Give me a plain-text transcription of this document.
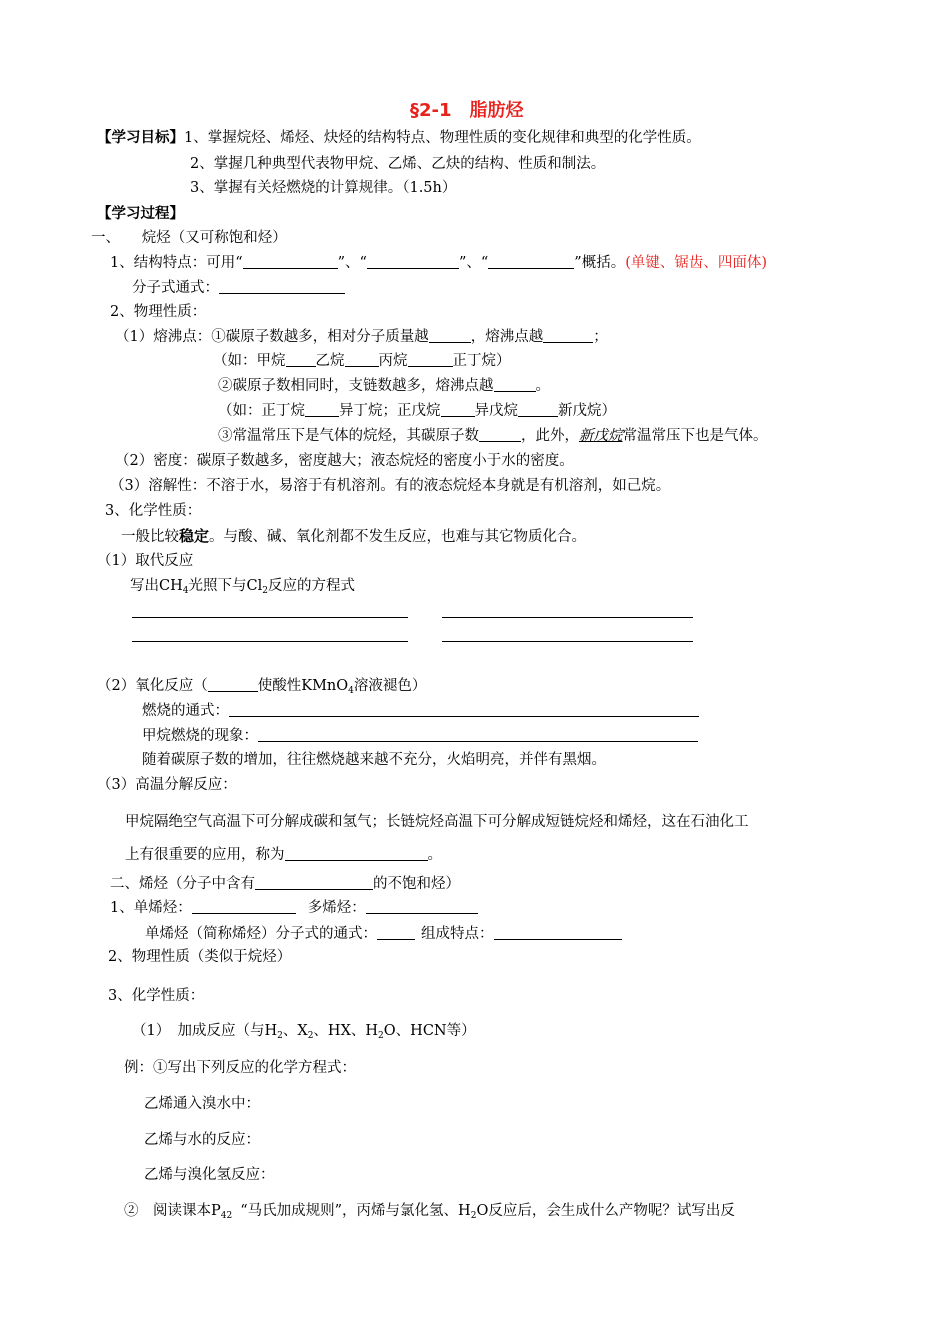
§2-1　脂肪烃
【学习目标】1、掌握烷烃、烯烃、炔烃的结构特点、物理性质的变化规律和典型的化学性质。
2、掌握几种典型代表物甲烷、乙烯、乙炔的结构、性质和制法。
3、掌握有关烃燃烧的计算规律。（1.5h）
【学习过程】
一、　　烷烃（又可称饱和烃）
1、结构特点：可用“	”、“	”、“	”概括。(单键、锯齿、四面体)
分子式通式：
2、物理性质：
（1）熔沸点：①碳原子数越多，相对分子质量越	，熔沸点越	；
（如：甲烷 乙烷 丙烷	正丁烷）
②碳原子数相同时，支链数越多，熔沸点越	。
（如：正丁烷 异丁烷；正戊烷 异戊烷	新戊烷）
③常温常压下是气体的烷烃，其碳原子数	，此外，新戊烷常温常压下也是气体。
（2）密度：碳原子数越多，密度越大；液态烷烃的密度小于水的密度。
（3）溶解性：不溶于水，易溶于有机溶剂。有的液态烷烃本身就是有机溶剂，如己烷。
3、化学性质：
一般比较稳定。与酸、碱、氧化剂都不发生反应，也难与其它物质化合。
（1）取代反应
写出$CH_4$光照下与$Cl_2$反应的方程式
（2）氧化反应（	使酸性KMnO$_4$溶液褪色）
燃烧的通式：
甲烷燃烧的现象：
随着碳原子数的增加，往往燃烧越来越不充分，火焰明亮，并伴有黑烟。
（3）高温分解反应：
甲烷隔绝空气高温下可分解成碳和氢气；长链烷烃高温下可分解成短链烷烃和烯烃，这在石油化工
上有很重要的应用，称为	。
二、烯烃（分子中含有	的不饱和烃）
1、单烯烃：	多烯烃：
单烯烃（简称烯烃）分子式的通式：	组成特点：
2、物理性质（类似于烷烃）
3、化学性质：
（1）　加成反应（与$H_2$、$X_2$、HX、$H_2O$、HCN等）
例：①写出下列反应的化学方程式：
乙烯通入溴水中：
乙烯与水的反应：
乙烯与溴化氢反应：
②　阅读课本$P_{42}$ “马氏加成规则”，丙烯与氯化氢、$H_2O$反应后，会生成什么产物呢？试写出反
